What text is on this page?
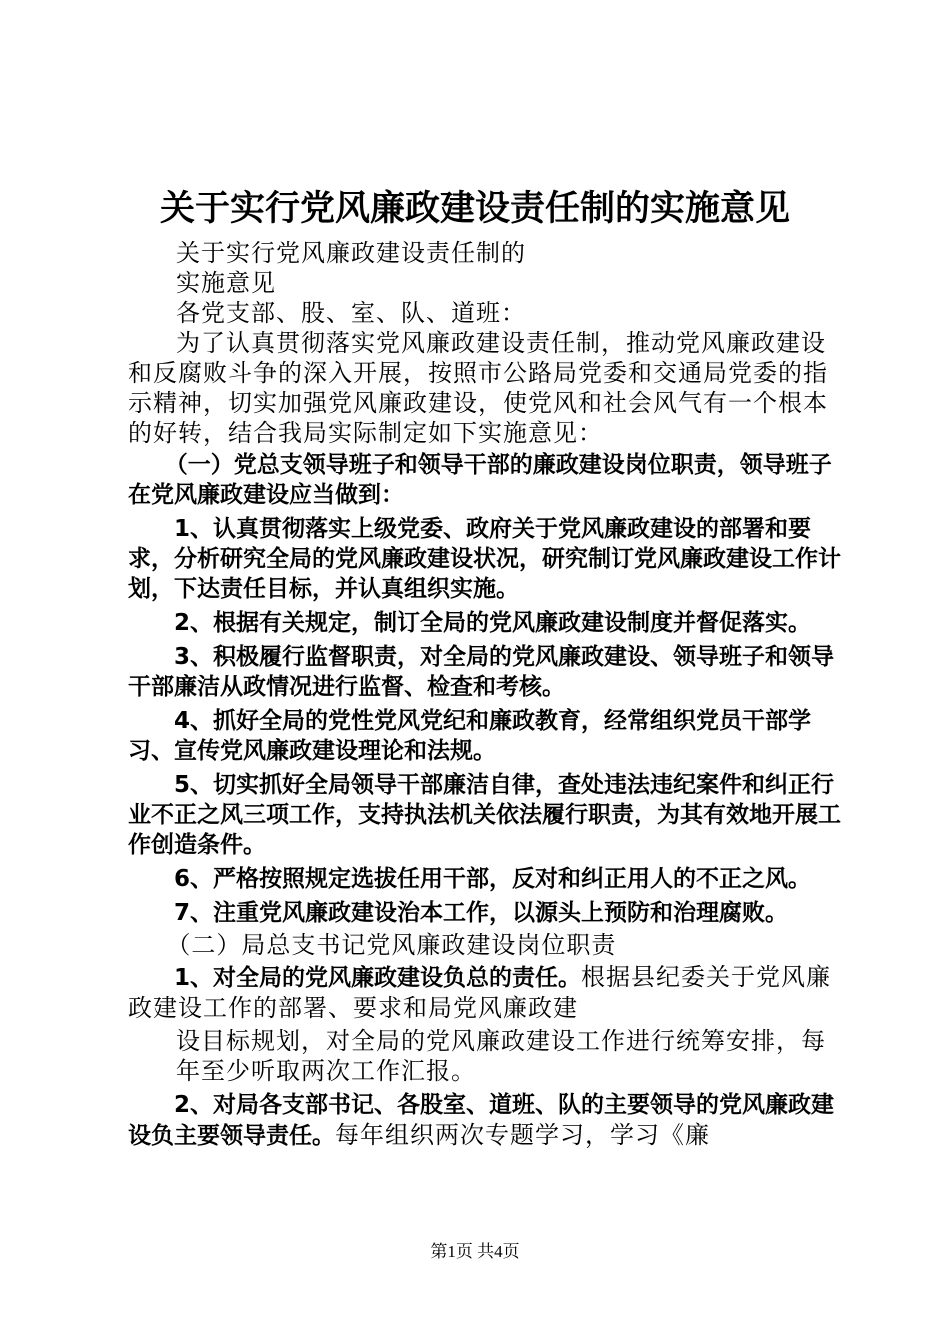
关于实行党风廉政建设责任制的实施意见

关于实行党风廉政建设责任制的

实施意见

各党支部、股、室、队、道班：

为了认真贯彻落实党风廉政建设责任制，推动党风廉政建设和反腐败斗争的深入开展，按照市公路局党委和交通局党委的指示精神，切实加强党风廉政建设，使党风和社会风气有一个根本的好转，结合我局实际制定如下实施意见：

（一）党总支领导班子和领导干部的廉政建设岗位职责，领导班子在党风廉政建设应当做到：

1、认真贯彻落实上级党委、政府关于党风廉政建设的部署和要求，分析研究全局的党风廉政建设状况，研究制订党风廉政建设工作计划，下达责任目标，并认真组织实施。

2、根据有关规定，制订全局的党风廉政建设制度并督促落实。

3、积极履行监督职责，对全局的党风廉政建设、领导班子和领导干部廉洁从政情况进行监督、检查和考核。

4、抓好全局的党性党风党纪和廉政教育，经常组织党员干部学习、宣传党风廉政建设理论和法规。

5、切实抓好全局领导干部廉洁自律，查处违法违纪案件和纠正行业不正之风三项工作，支持执法机关依法履行职责，为其有效地开展工作创造条件。

6、严格按照规定选拔任用干部，反对和纠正用人的不正之风。

7、注重党风廉政建设治本工作，以源头上预防和治理腐败。

（二）局总支书记党风廉政建设岗位职责

1、对全局的党风廉政建设负总的责任。根据县纪委关于党风廉政建设工作的部署、要求和局党风廉政建

设目标规划，对全局的党风廉政建设工作进行统筹安排，每年至少听取两次工作汇报。

2、对局各支部书记、各股室、道班、队的主要领导的党风廉政建设负主要领导责任。每年组织两次专题学习，学习《廉

第1页 共4页
